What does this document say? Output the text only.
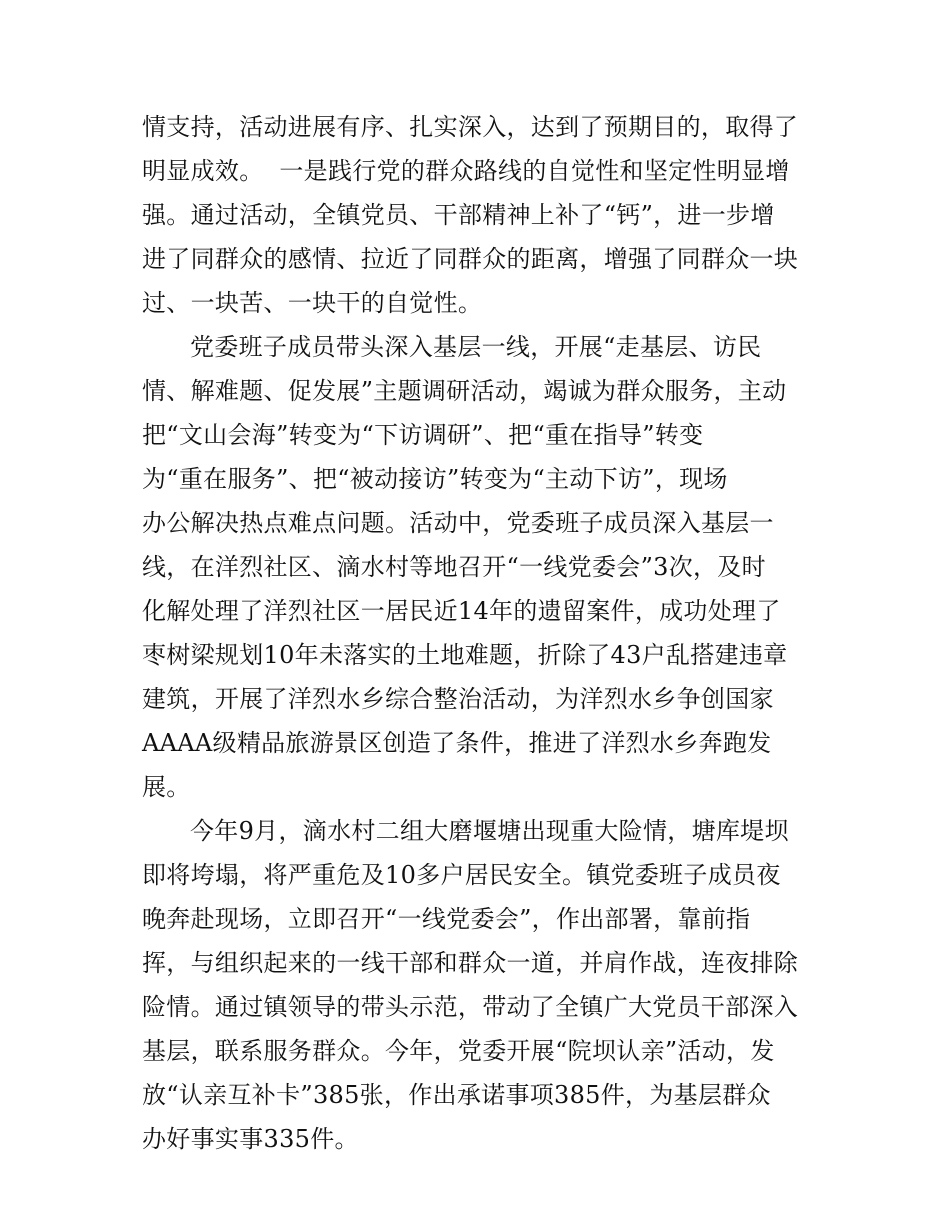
情支持，活动进展有序、扎实深入，达到了预期目的，取得了
明显成效。  一是践行党的群众路线的自觉性和坚定性明显增
强。通过活动，全镇党员、干部精神上补了“钙”，进一步增
进了同群众的感情、拉近了同群众的距离，增强了同群众一块
过、一块苦、一块干的自觉性。
党委班子成员带头深入基层一线，开展“走基层、访民
情、解难题、促发展”主题调研活动，竭诚为群众服务，主动
把“文山会海”转变为“下访调研”、把“重在指导”转变
为“重在服务”、把“被动接访”转变为“主动下访”，现场
办公解决热点难点问题。活动中，党委班子成员深入基层一
线，在洋烈社区、滴水村等地召开“一线党委会”3次，及时
化解处理了洋烈社区一居民近14年的遗留案件，成功处理了
枣树梁规划10年未落实的土地难题，折除了43户乱搭建违章
建筑，开展了洋烈水乡综合整治活动，为洋烈水乡争创国家
AAAA级精品旅游景区创造了条件，推进了洋烈水乡奔跑发
展。
今年9月，滴水村二组大磨堰塘出现重大险情，塘库堤坝
即将垮塌，将严重危及10多户居民安全。镇党委班子成员夜
晚奔赴现场，立即召开“一线党委会”，作出部署，靠前指
挥，与组织起来的一线干部和群众一道，并肩作战，连夜排除
险情。通过镇领导的带头示范，带动了全镇广大党员干部深入
基层，联系服务群众。今年，党委开展“院坝认亲”活动，发
放“认亲互补卡”385张，作出承诺事项385件，为基层群众
办好事实事335件。
